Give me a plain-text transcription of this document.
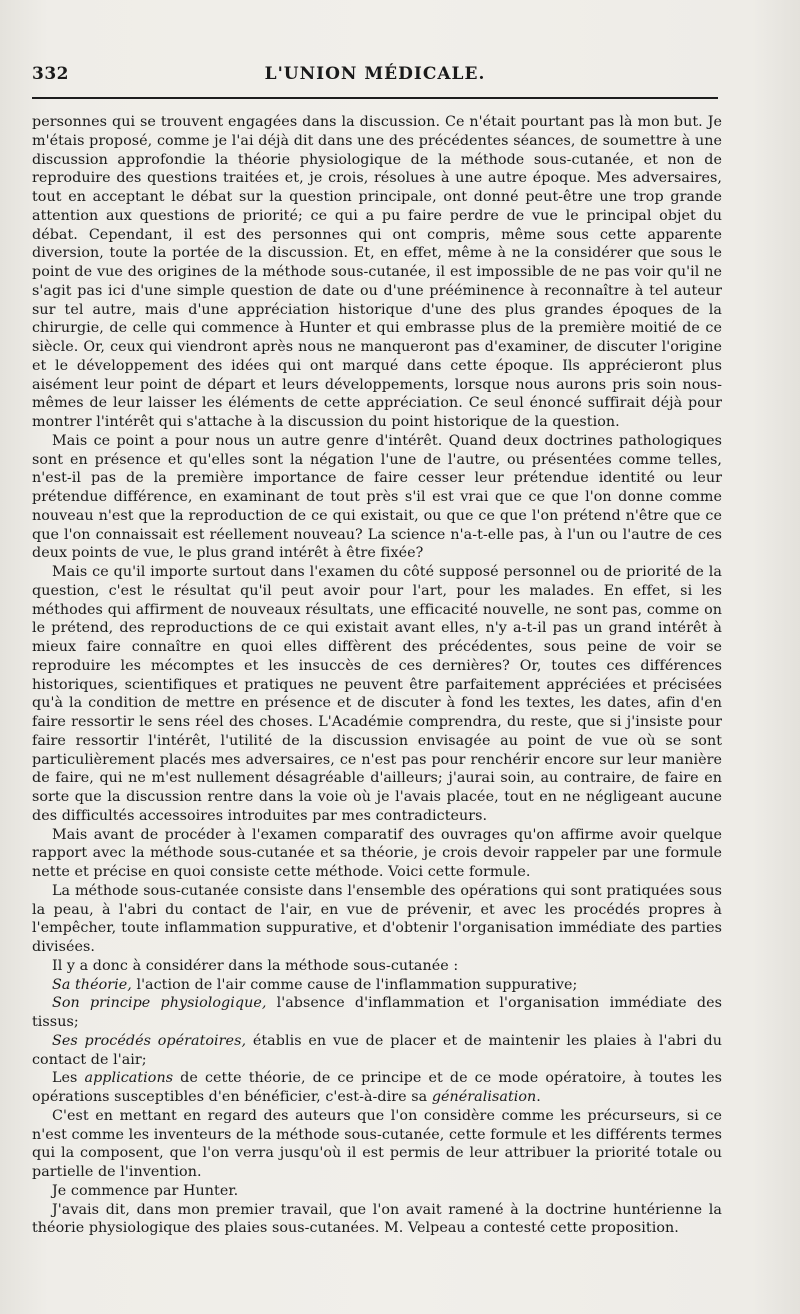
332	L'UNION MÉDICALE.

personnes qui se trouvent engagées dans la discussion. Ce n'était pourtant pas là mon but. Je m'étais proposé, comme je l'ai déjà dit dans une des précédentes séances, de soumettre à une discussion approfondie la théorie physiologique de la méthode sous-cutanée, et non de reproduire des questions traitées et, je crois, résolues à une autre époque. Mes adversaires, tout en acceptant le débat sur la question principale, ont donné peut-être une trop grande attention aux questions de priorité; ce qui a pu faire perdre de vue le principal objet du débat. Cependant, il est des personnes qui ont compris, même sous cette apparente diversion, toute la portée de la discussion. Et, en effet, même à ne la considérer que sous le point de vue des origines de la méthode sous-cutanée, il est impossible de ne pas voir qu'il ne s'agit pas ici d'une simple question de date ou d'une prééminence à reconnaître à tel auteur sur tel autre, mais d'une appréciation historique d'une des plus grandes époques de la chirurgie, de celle qui commence à Hunter et qui embrasse plus de la première moitié de ce siècle. Or, ceux qui viendront après nous ne manqueront pas d'examiner, de discuter l'origine et le développement des idées qui ont marqué dans cette époque. Ils apprécieront plus aisément leur point de départ et leurs développements, lorsque nous aurons pris soin nous-mêmes de leur laisser les éléments de cette appréciation. Ce seul énoncé suffirait déjà pour montrer l'intérêt qui s'attache à la discussion du point historique de la question.

Mais ce point a pour nous un autre genre d'intérêt. Quand deux doctrines pathologiques sont en présence et qu'elles sont la négation l'une de l'autre, ou présentées comme telles, n'est-il pas de la première importance de faire cesser leur prétendue identité ou leur prétendue différence, en examinant de tout près s'il est vrai que ce que l'on donne comme nouveau n'est que la reproduction de ce qui existait, ou que ce que l'on prétend n'être que ce que l'on connaissait est réellement nouveau? La science n'a-t-elle pas, à l'un ou l'autre de ces deux points de vue, le plus grand intérêt à être fixée?

Mais ce qu'il importe surtout dans l'examen du côté supposé personnel ou de priorité de la question, c'est le résultat qu'il peut avoir pour l'art, pour les malades. En effet, si les méthodes qui affirment de nouveaux résultats, une efficacité nouvelle, ne sont pas, comme on le prétend, des reproductions de ce qui existait avant elles, n'y a-t-il pas un grand intérêt à mieux faire connaître en quoi elles diffèrent des précédentes, sous peine de voir se reproduire les mécomptes et les insuccès de ces dernières? Or, toutes ces différences historiques, scientifiques et pratiques ne peuvent être parfaitement appréciées et précisées qu'à la condition de mettre en présence et de discuter à fond les textes, les dates, afin d'en faire ressortir le sens réel des choses. L'Académie comprendra, du reste, que si j'insiste pour faire ressortir l'intérêt, l'utilité de la discussion envisagée au point de vue où se sont particulièrement placés mes adversaires, ce n'est pas pour renchérir encore sur leur manière de faire, qui ne m'est nullement désagréable d'ailleurs; j'aurai soin, au contraire, de faire en sorte que la discussion rentre dans la voie où je l'avais placée, tout en ne négligeant aucune des difficultés accessoires introduites par mes contradicteurs.

Mais avant de procéder à l'examen comparatif des ouvrages qu'on affirme avoir quelque rapport avec la méthode sous-cutanée et sa théorie, je crois devoir rappeler par une formule nette et précise en quoi consiste cette méthode. Voici cette formule.

La méthode sous-cutanée consiste dans l'ensemble des opérations qui sont pratiquées sous la peau, à l'abri du contact de l'air, en vue de prévenir, et avec les procédés propres à l'empêcher, toute inflammation suppurative, et d'obtenir l'organisation immédiate des parties divisées.

Il y a donc à considérer dans la méthode sous-cutanée :

Sa théorie, l'action de l'air comme cause de l'inflammation suppurative;

Son principe physiologique, l'absence d'inflammation et l'organisation immédiate des tissus;

Ses procédés opératoires, établis en vue de placer et de maintenir les plaies à l'abri du contact de l'air;

Les applications de cette théorie, de ce principe et de ce mode opératoire, à toutes les opérations susceptibles d'en bénéficier, c'est-à-dire sa généralisation.

C'est en mettant en regard des auteurs que l'on considère comme les précurseurs, si ce n'est comme les inventeurs de la méthode sous-cutanée, cette formule et les différents termes qui la composent, que l'on verra jusqu'où il est permis de leur attribuer la priorité totale ou partielle de l'invention.

Je commence par Hunter.

J'avais dit, dans mon premier travail, que l'on avait ramené à la doctrine huntérienne la théorie physiologique des plaies sous-cutanées. M. Velpeau a contesté cette proposition.
